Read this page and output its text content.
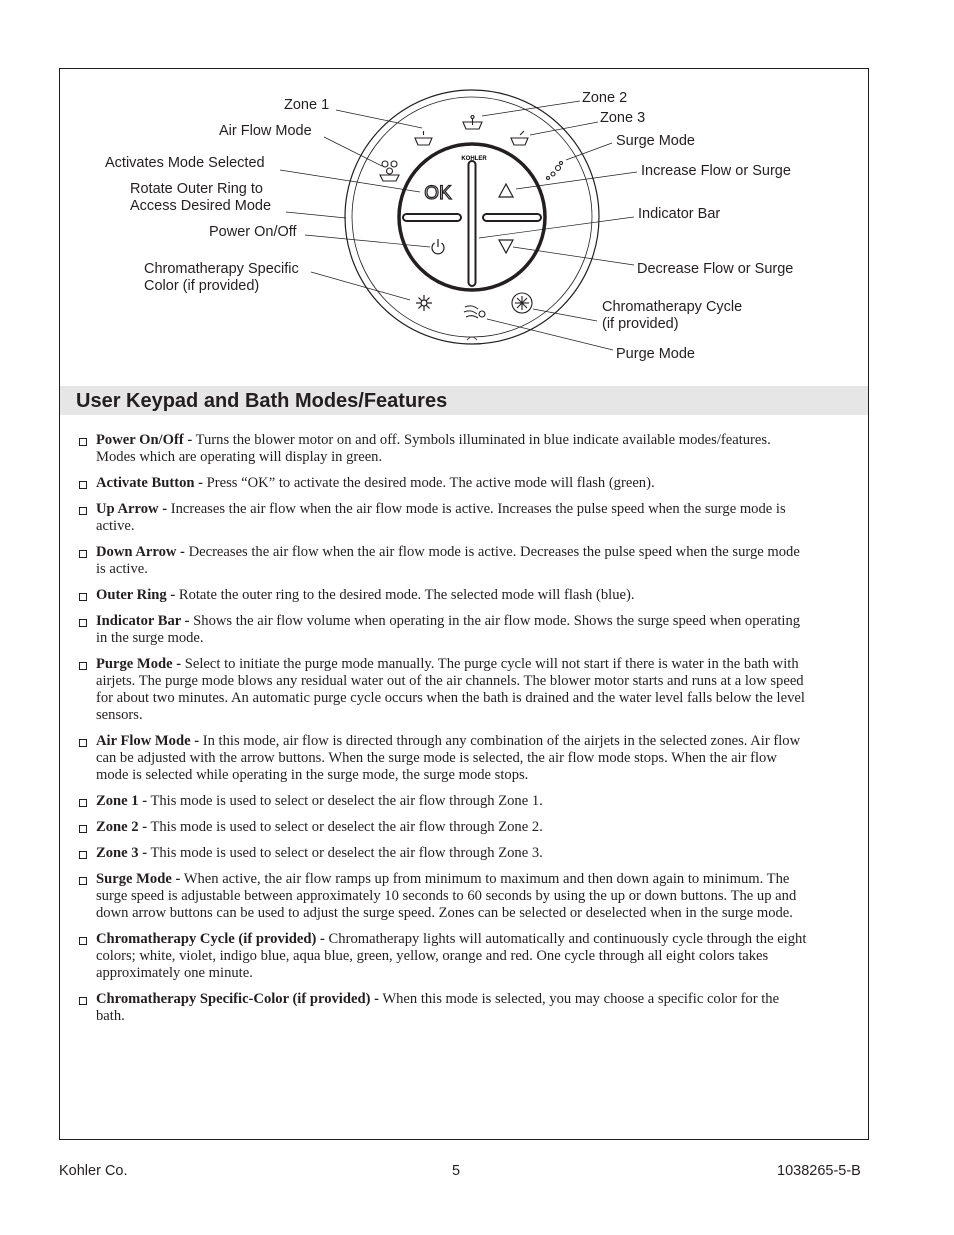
KOHLER
OK
Zone 1
Air Flow Mode
Activates Mode Selected
Rotate Outer Ring to
Access Desired Mode
Power On/Off
Chromatherapy Specific
Color (if provided)
Zone 2
Zone 3
Surge Mode
Increase Flow or Surge
Indicator Bar
Decrease Flow or Surge
Chromatherapy Cycle
(if provided)
Purge Mode
User Keypad and Bath Modes/Features
Power On/Off - Turns the blower motor on and off. Symbols illuminated in blue indicate available modes/features. Modes which are operating will display in green.
Activate Button - Press “OK” to activate the desired mode. The active mode will flash (green).
Up Arrow - Increases the air flow when the air flow mode is active. Increases the pulse speed when the surge mode is active.
Down Arrow - Decreases the air flow when the air flow mode is active. Decreases the pulse speed when the surge mode is active.
Outer Ring - Rotate the outer ring to the desired mode. The selected mode will flash (blue).
Indicator Bar - Shows the air flow volume when operating in the air flow mode. Shows the surge speed when operating in the surge mode.
Purge Mode - Select to initiate the purge mode manually. The purge cycle will not start if there is water in the bath with airjets. The purge mode blows any residual water out of the air channels. The blower motor starts and runs at a low speed for about two minutes. An automatic purge cycle occurs when the bath is drained and the water level falls below the level sensors.
Air Flow Mode - In this mode, air flow is directed through any combination of the airjets in the selected zones. Air flow can be adjusted with the arrow buttons. When the surge mode is selected, the air flow mode stops. When the air flow mode is selected while operating in the surge mode, the surge mode stops.
Zone 1 - This mode is used to select or deselect the air flow through Zone 1.
Zone 2 - This mode is used to select or deselect the air flow through Zone 2.
Zone 3 - This mode is used to select or deselect the air flow through Zone 3.
Surge Mode - When active, the air flow ramps up from minimum to maximum and then down again to minimum. The surge speed is adjustable between approximately 10 seconds to 60 seconds by using the up or down buttons. The up and down arrow buttons can be used to adjust the surge speed. Zones can be selected or deselected when in the surge mode.
Chromatherapy Cycle (if provided) - Chromatherapy lights will automatically and continuously cycle through the eight colors; white, violet, indigo blue, aqua blue, green, yellow, orange and red. One cycle through all eight colors takes approximately one minute.
Chromatherapy Specific-Color (if provided) - When this mode is selected, you may choose a specific color for the bath.
Kohler Co.	5	1038265-5-B
